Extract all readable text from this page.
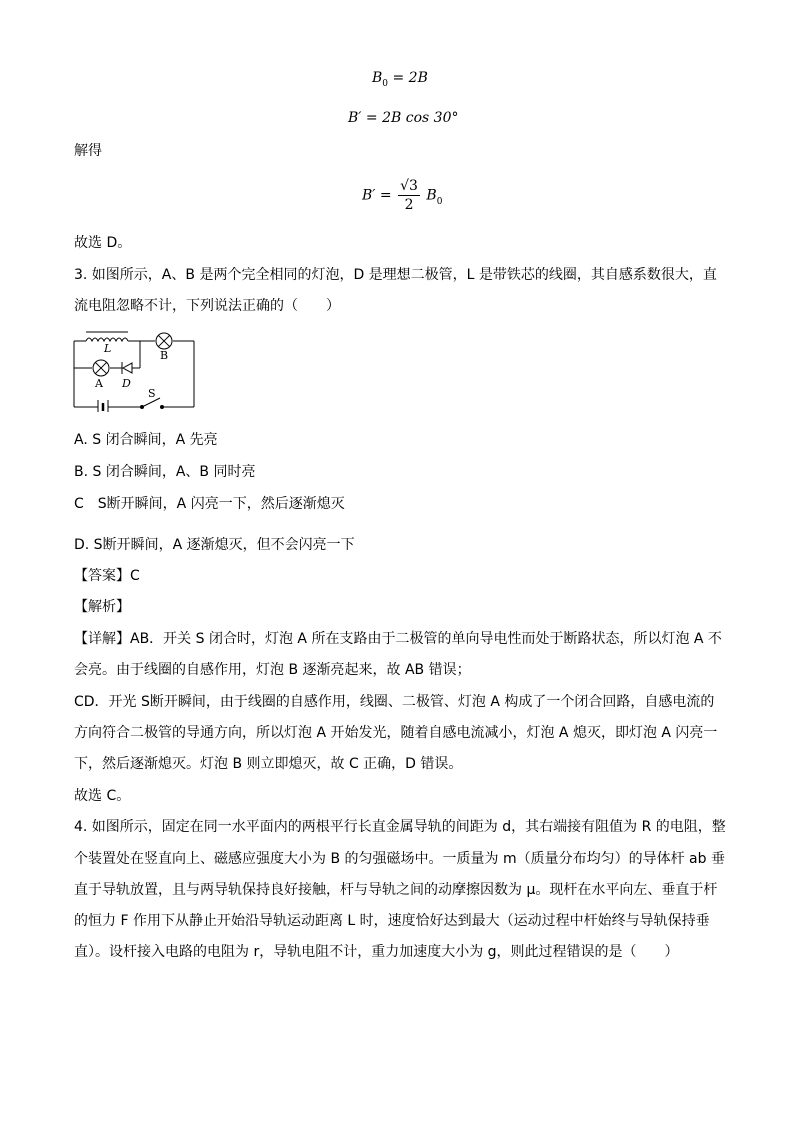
$B_0 = 2B$
B′ = 2B cos 30°
解得
$B' = \frac{√3}{2} B_0$
故选 D。
3. 如图所示，A、B 是两个完全相同的灯泡，D 是理想二极管，L 是带铁芯的线圈，其自感系数很大，直
流电阻忽略不计，下列说法正确的（　　）
L
B
A D
S
A. S 闭合瞬间，A 先亮
B. S 闭合瞬间，A、B 同时亮
C　S断开瞬间，A 闪亮一下，然后逐渐熄灭
D. S断开瞬间，A 逐渐熄灭，但不会闪亮一下
【答案】C
【解析】
【详解】AB．开关 S 闭合时，灯泡 A 所在支路由于二极管的单向导电性而处于断路状态，所以灯泡 A 不
会亮。由于线圈的自感作用，灯泡 B 逐渐亮起来，故 AB 错误；
CD．开光 S断开瞬间，由于线圈的自感作用，线圈、二极管、灯泡 A 构成了一个闭合回路，自感电流的
方向符合二极管的导通方向，所以灯泡 A 开始发光，随着自感电流减小，灯泡 A 熄灭，即灯泡 A 闪亮一
下，然后逐渐熄灭。灯泡 B 则立即熄灭，故 C 正确，D 错误。
故选 C。
4. 如图所示，固定在同一水平面内的两根平行长直金属导轨的间距为 d，其右端接有阻值为 R 的电阻，整
个装置处在竖直向上、磁感应强度大小为 B 的匀强磁场中。一质量为 m（质量分布均匀）的导体杆 ab 垂
直于导轨放置，且与两导轨保持良好接触，杆与导轨之间的动摩擦因数为 μ。现杆在水平向左、垂直于杆
的恒力 F 作用下从静止开始沿导轨运动距离 L 时，速度恰好达到最大（运动过程中杆始终与导轨保持垂
直）。设杆接入电路的电阻为 r，导轨电阻不计，重力加速度大小为 g，则此过程错误的是（　　）
